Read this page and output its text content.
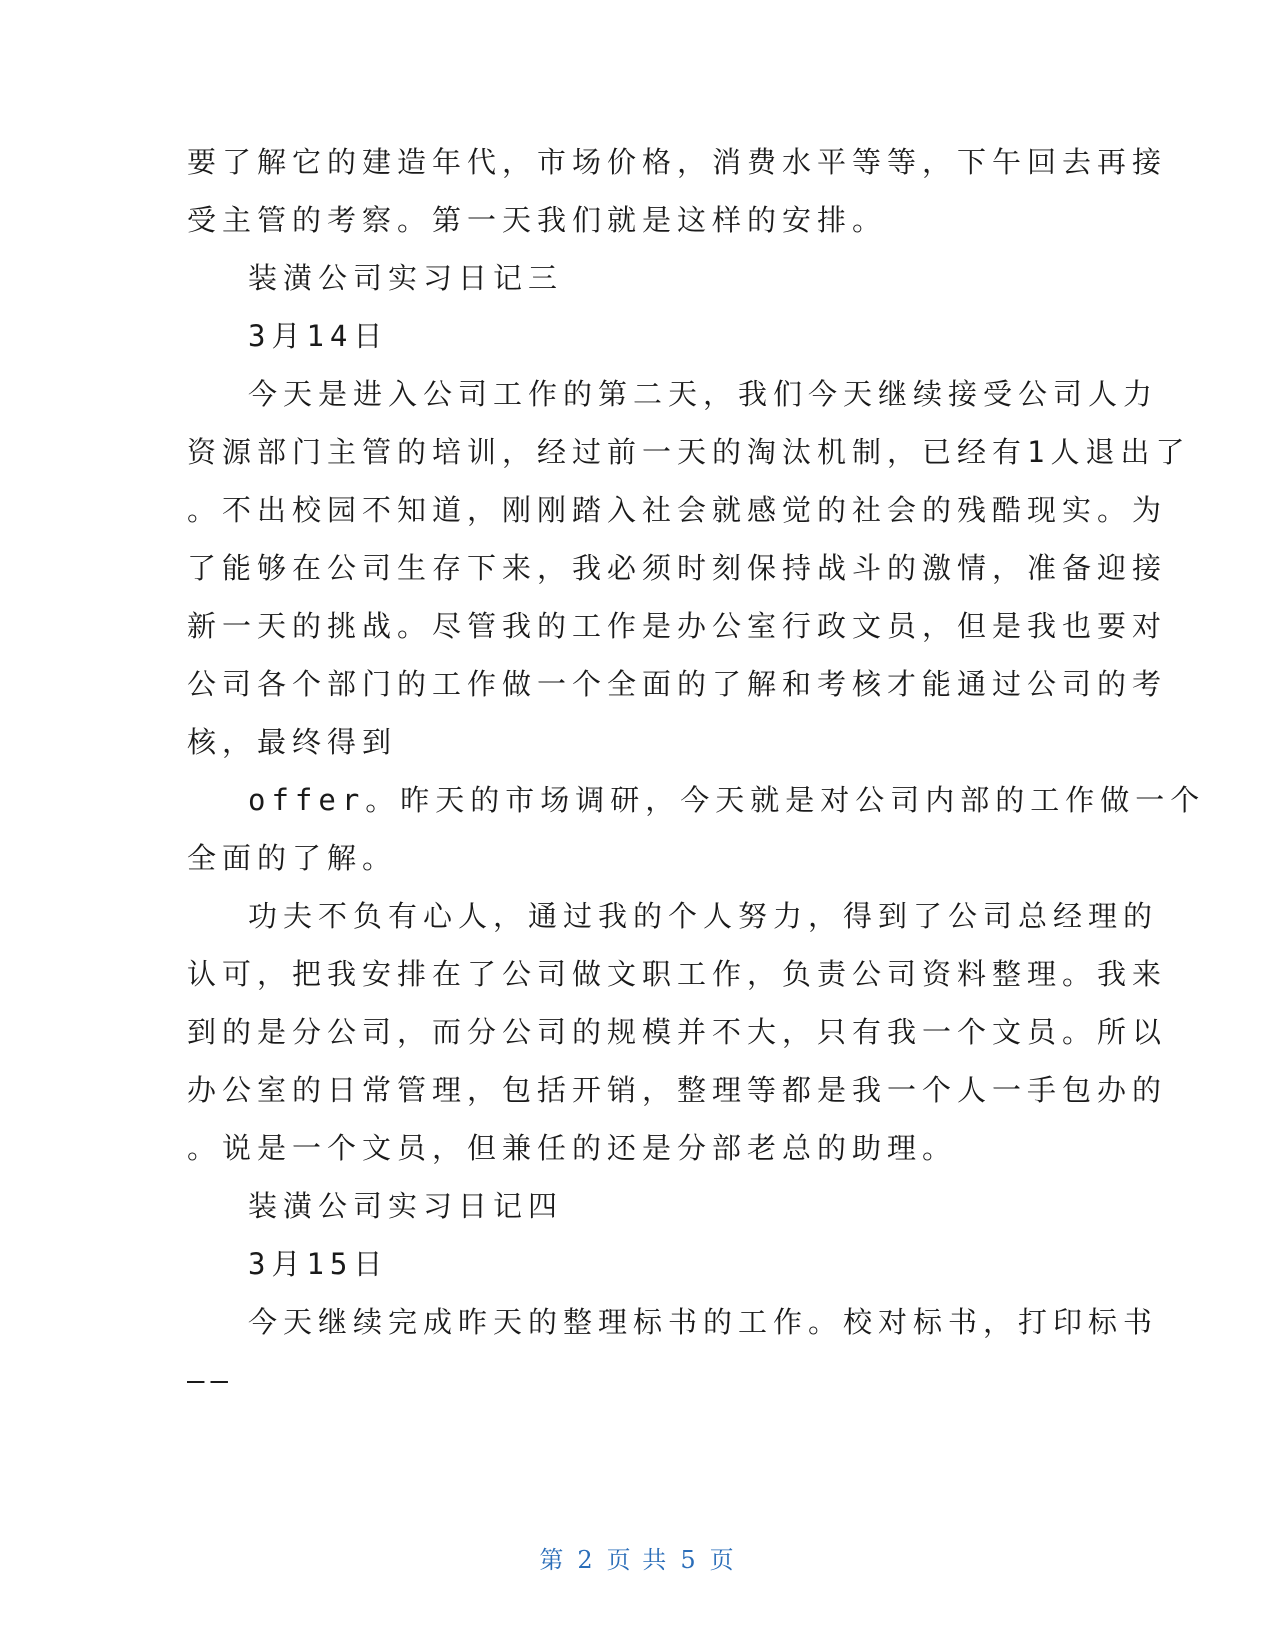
要了解它的建造年代，市场价格，消费水平等等，下午回去再接
受主管的考察。第一天我们就是这样的安排。
装潢公司实习日记三
3月14日
今天是进入公司工作的第二天，我们今天继续接受公司人力
资源部门主管的培训，经过前一天的淘汰机制，已经有1人退出了
。不出校园不知道，刚刚踏入社会就感觉的社会的残酷现实。为
了能够在公司生存下来，我必须时刻保持战斗的激情，准备迎接
新一天的挑战。尽管我的工作是办公室行政文员，但是我也要对
公司各个部门的工作做一个全面的了解和考核才能通过公司的考
核，最终得到
offer。昨天的市场调研，今天就是对公司内部的工作做一个
全面的了解。
功夫不负有心人，通过我的个人努力，得到了公司总经理的
认可，把我安排在了公司做文职工作，负责公司资料整理。我来
到的是分公司，而分公司的规模并不大，只有我一个文员。所以
办公室的日常管理，包括开销，整理等都是我一个人一手包办的
。说是一个文员，但兼任的还是分部老总的助理。
装潢公司实习日记四
3月15日
今天继续完成昨天的整理标书的工作。校对标书，打印标书
——
第 2 页 共 5 页
